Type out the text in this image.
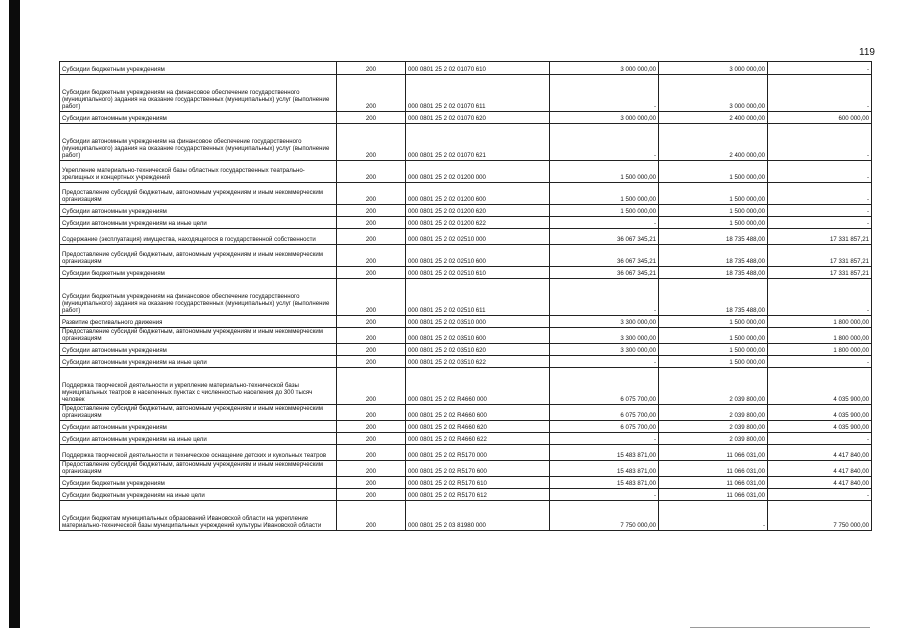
119
Субсидии бюджетным учреждениям	200	000 0801 25 2 02 01070 610	3 000 000,00	3 000 000,00	-
Субсидии бюджетным учреждениям на финансовое обеспечение государственного (муниципального) задания на оказание государственных (муниципальных) услуг (выполнение работ)	200	000 0801 25 2 02 01070 611	-	3 000 000,00	-
Субсидии автономным учреждениям	200	000 0801 25 2 02 01070 620	3 000 000,00	2 400 000,00	600 000,00
Субсидии автономным учреждениям на финансовое обеспечение государственного (муниципального) задания на оказание государственных (муниципальных) услуг (выполнение работ)	200	000 0801 25 2 02 01070 621	-	2 400 000,00	-
Укрепление материально-технической базы областных государственных театрально-зрелищных и концертных учреждений	200	000 0801 25 2 02 01200 000	1 500 000,00	1 500 000,00	-
Предоставление субсидий бюджетным, автономным учреждениям и иным некоммерческим организациям	200	000 0801 25 2 02 01200 600	1 500 000,00	1 500 000,00	-
Субсидии автономным учреждениям	200	000 0801 25 2 02 01200 620	1 500 000,00	1 500 000,00	-
Субсидии автономным учреждениям на иные цели	200	000 0801 25 2 02 01200 622	-	1 500 000,00	-
Содержание (эксплуатация) имущества, находящегося в государственной собственности	200	000 0801 25 2 02 02510 000	36 067 345,21	18 735 488,00	17 331 857,21
Предоставление субсидий бюджетным, автономным учреждениям и иным некоммерческим организациям	200	000 0801 25 2 02 02510 600	36 067 345,21	18 735 488,00	17 331 857,21
Субсидии бюджетным учреждениям	200	000 0801 25 2 02 02510 610	36 067 345,21	18 735 488,00	17 331 857,21
Субсидии бюджетным учреждениям на финансовое обеспечение государственного (муниципального) задания на оказание государственных (муниципальных) услуг (выполнение работ)	200	000 0801 25 2 02 02510 611	-	18 735 488,00	-
Развитие фестивального движения	200	000 0801 25 2 02 03510 000	3 300 000,00	1 500 000,00	1 800 000,00
Предоставление субсидий бюджетным, автономным учреждениям и иным некоммерческим организациям	200	000 0801 25 2 02 03510 600	3 300 000,00	1 500 000,00	1 800 000,00
Субсидии автономным учреждениям	200	000 0801 25 2 02 03510 620	3 300 000,00	1 500 000,00	1 800 000,00
Субсидии автономным учреждениям на иные цели	200	000 0801 25 2 02 03510 622	-	1 500 000,00	-
Поддержка творческой деятельности и укрепление материально-технической базы муниципальных театров в населенных пунктах с численностью населения до 300 тысяч человек	200	000 0801 25 2 02 R4660 000	6 075 700,00	2 039 800,00	4 035 900,00
Предоставление субсидий бюджетным, автономным учреждениям и иным некоммерческим организациям	200	000 0801 25 2 02 R4660 600	6 075 700,00	2 039 800,00	4 035 900,00
Субсидии автономным учреждениям	200	000 0801 25 2 02 R4660 620	6 075 700,00	2 039 800,00	4 035 900,00
Субсидии автономным учреждениям на иные цели	200	000 0801 25 2 02 R4660 622	-	2 039 800,00	-
Поддержка творческой деятельности и техническое оснащение детских и кукольных театров	200	000 0801 25 2 02 R5170 000	15 483 871,00	11 066 031,00	4 417 840,00
Предоставление субсидий бюджетным, автономным учреждениям и иным некоммерческим организациям	200	000 0801 25 2 02 R5170 600	15 483 871,00	11 066 031,00	4 417 840,00
Субсидии бюджетным учреждениям	200	000 0801 25 2 02 R5170 610	15 483 871,00	11 066 031,00	4 417 840,00
Субсидии бюджетным учреждениям на иные цели	200	000 0801 25 2 02 R5170 612	-	11 066 031,00	-
Субсидии бюджетам муниципальных образований Ивановской области на укрепление материально-технической базы муниципальных учреждений культуры Ивановской области	200	000 0801 25 2 03 81980 000	7 750 000,00	-	7 750 000,00
